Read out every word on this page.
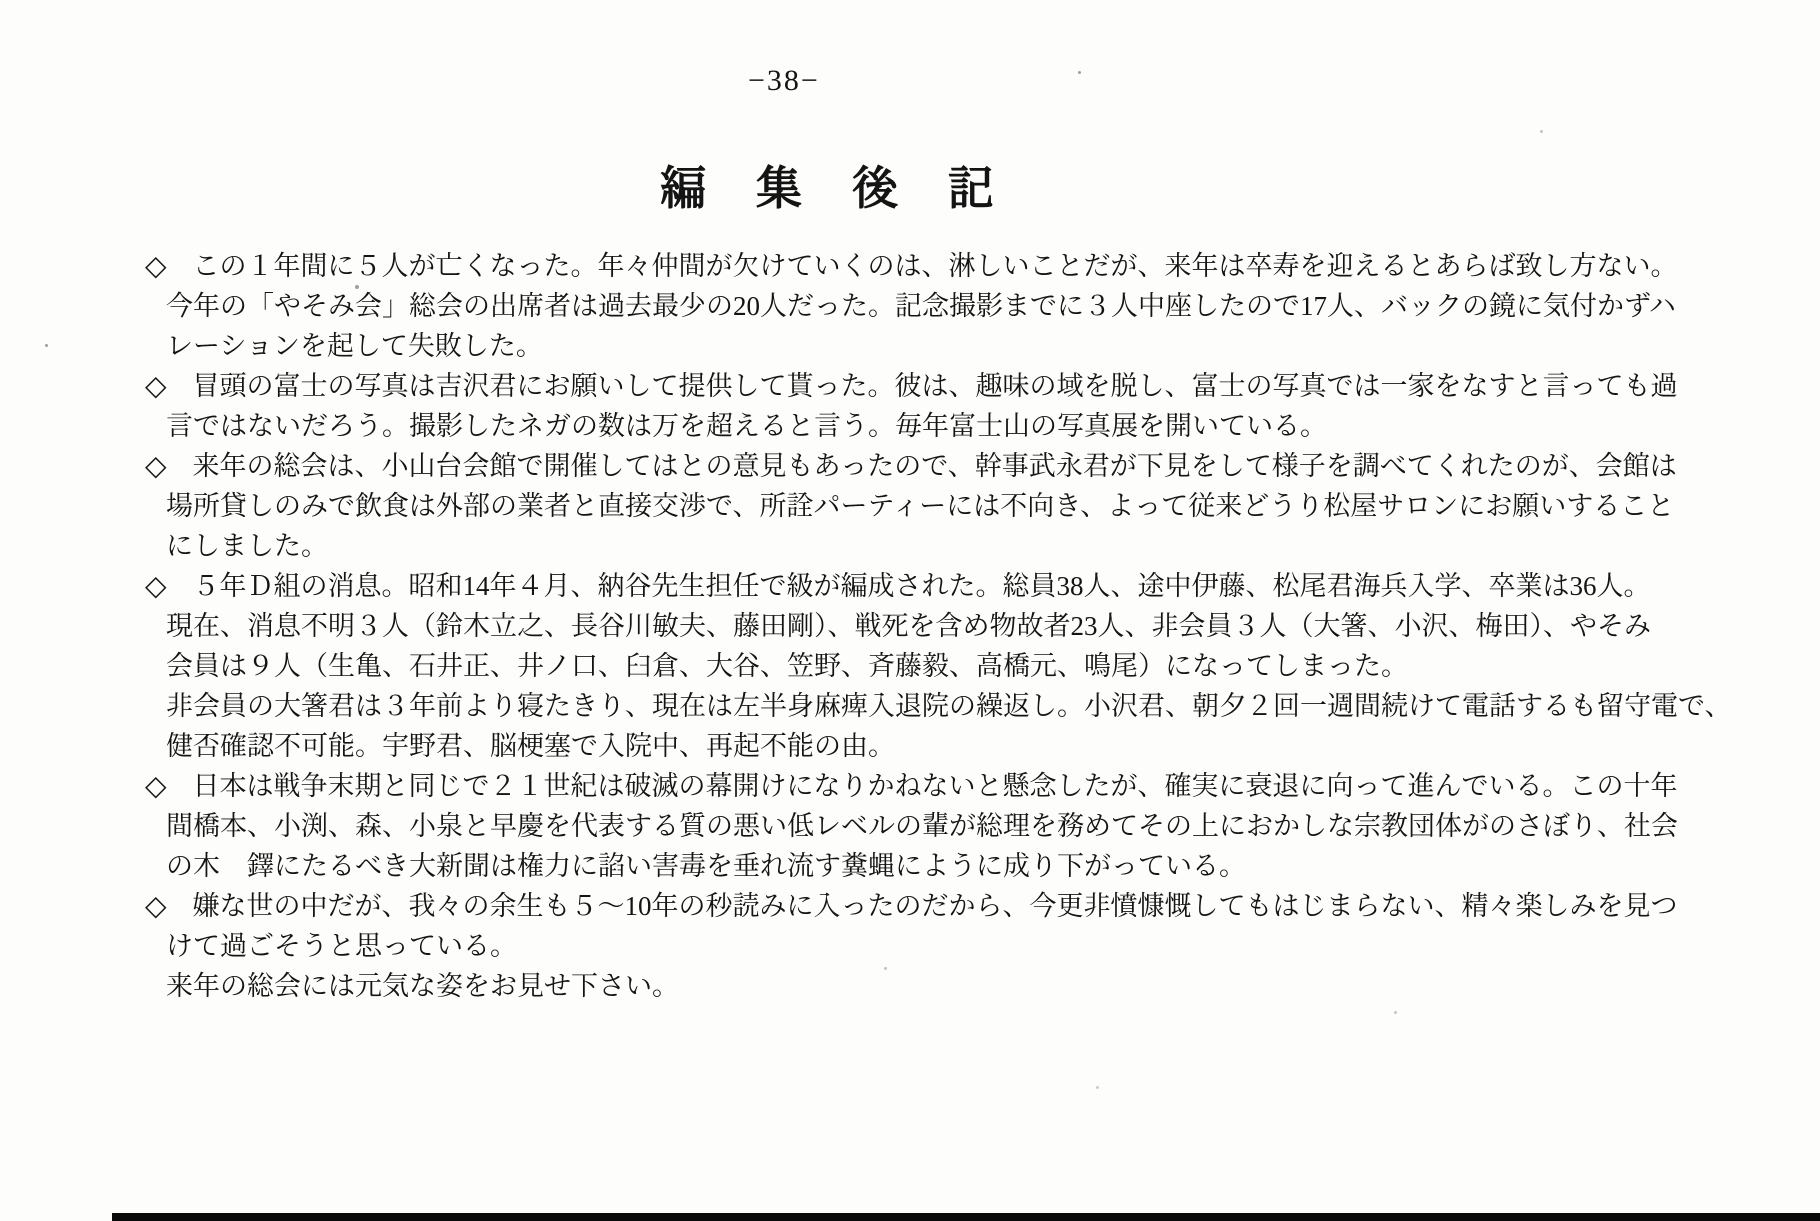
−38−
編　集　後　記
◇ この１年間に５人が亡くなった。年々仲間が欠けていくのは、淋しいことだが、来年は卒寿を迎えるとあらば致し方ない。
今年の「やそみ会」総会の出席者は過去最少の20人だった。記念撮影までに３人中座したので17人、バックの鏡に気付かずハ
レーションを起して失敗した。
◇ 冒頭の富士の写真は吉沢君にお願いして提供して貰った。彼は、趣味の域を脱し、富士の写真では一家をなすと言っても過
言ではないだろう。撮影したネガの数は万を超えると言う。毎年富士山の写真展を開いている。
◇ 来年の総会は、小山台会館で開催してはとの意見もあったので、幹事武永君が下見をして様子を調べてくれたのが、会館は
場所貸しのみで飲食は外部の業者と直接交渉で、所詮パーティーには不向き、よって従来どうり松屋サロンにお願いすること
にしました。
◇ ５年Ｄ組の消息。昭和14年４月、納谷先生担任で級が編成された。総員38人、途中伊藤、松尾君海兵入学、卒業は36人。
現在、消息不明３人（鈴木立之、長谷川敏夫、藤田剛）、戦死を含め物故者23人、非会員３人（大箸、小沢、梅田）、やそみ
会員は９人（生亀、石井正、井ノ口、臼倉、大谷、笠野、斉藤毅、高橋元、鳴尾）になってしまった。
非会員の大箸君は３年前より寝たきり、現在は左半身麻痺入退院の繰返し。小沢君、朝夕２回一週間続けて電話するも留守電で、
健否確認不可能。宇野君、脳梗塞で入院中、再起不能の由。
◇ 日本は戦争末期と同じで２１世紀は破滅の幕開けになりかねないと懸念したが、確実に衰退に向って進んでいる。この十年
間橋本、小渕、森、小泉と早慶を代表する質の悪い低レベルの輩が総理を務めてその上におかしな宗教団体がのさぼり、社会
の木　鐸にたるべき大新聞は権力に諂い害毒を垂れ流す糞蝿にように成り下がっている。
◇ 嫌な世の中だが、我々の余生も５～10年の秒読みに入ったのだから、今更非憤慷慨してもはじまらない、精々楽しみを見つ
けて過ごそうと思っている。
来年の総会には元気な姿をお見せ下さい。
